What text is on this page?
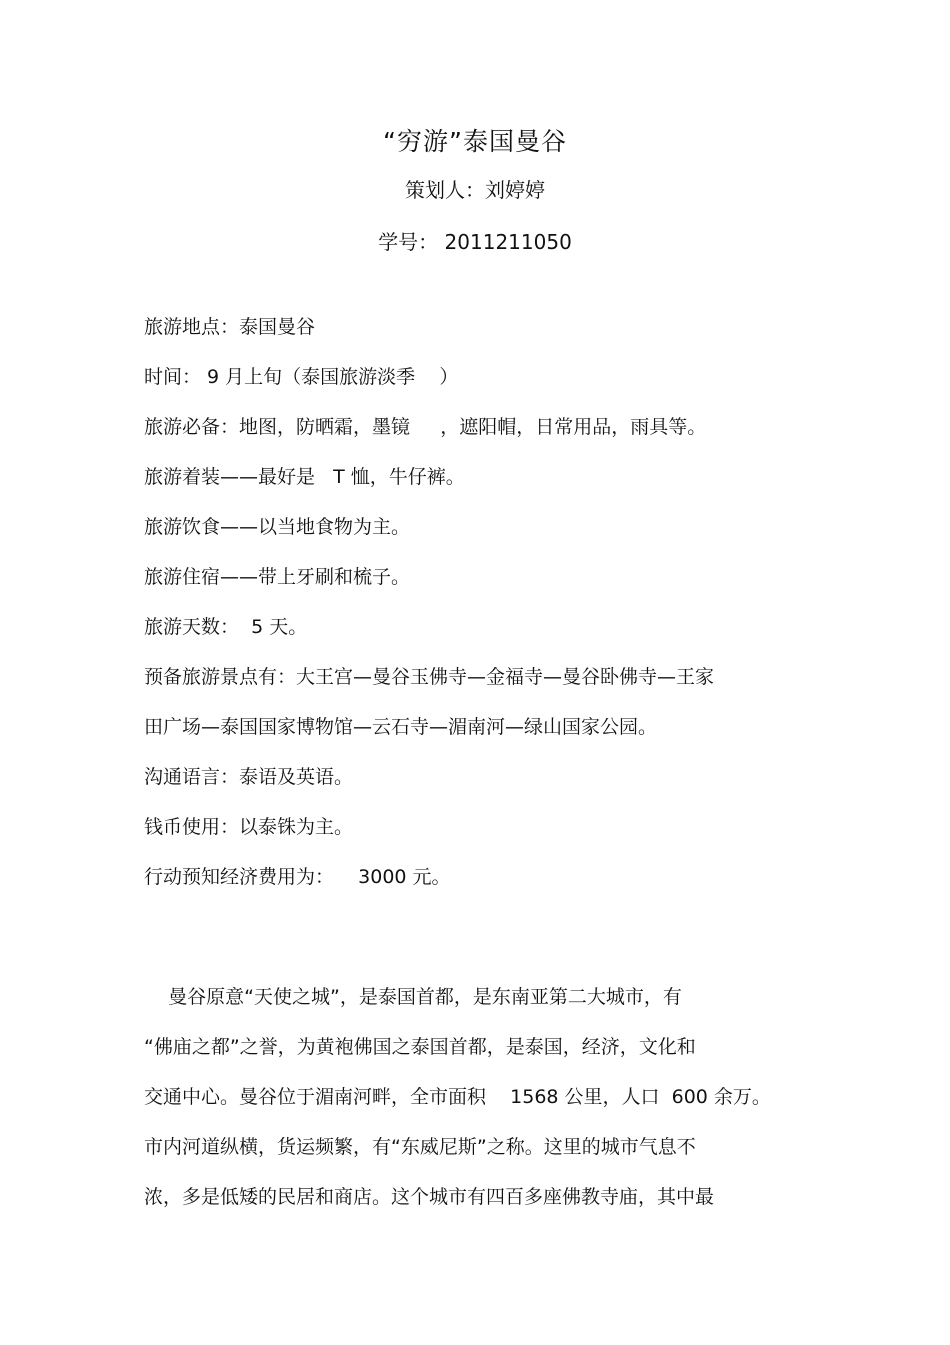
“穷游”泰国曼谷
策划人：刘婷婷
学号： 2011211050
旅游地点：泰国曼谷
时间： 9 月上旬（泰国旅游淡季    ）
旅游必备：地图，防晒霜，墨镜     ，遮阳帽，日常用品，雨具等。
旅游着装——最好是   T 恤，牛仔裤。
旅游饮食——以当地食物为主。
旅游住宿——带上牙刷和梳子。
旅游天数：  5 天。
预备旅游景点有：大王宫—曼谷玉佛寺—金福寺—曼谷卧佛寺—王家
田广场—泰国国家博物馆—云石寺—湄南河—绿山国家公园。
沟通语言：泰语及英语。
钱币使用：以泰铢为主。
行动预知经济费用为：    3000 元。
曼谷原意“天使之城”，是泰国首都，是东南亚第二大城市，有
“佛庙之都”之誉，为黄袍佛国之泰国首都，是泰国，经济，文化和
交通中心。曼谷位于湄南河畔，全市面积    1568 公里，人口  600 余万。
市内河道纵横，货运频繁，有“东威尼斯”之称。这里的城市气息不
浓，多是低矮的民居和商店。这个城市有四百多座佛教寺庙，其中最
